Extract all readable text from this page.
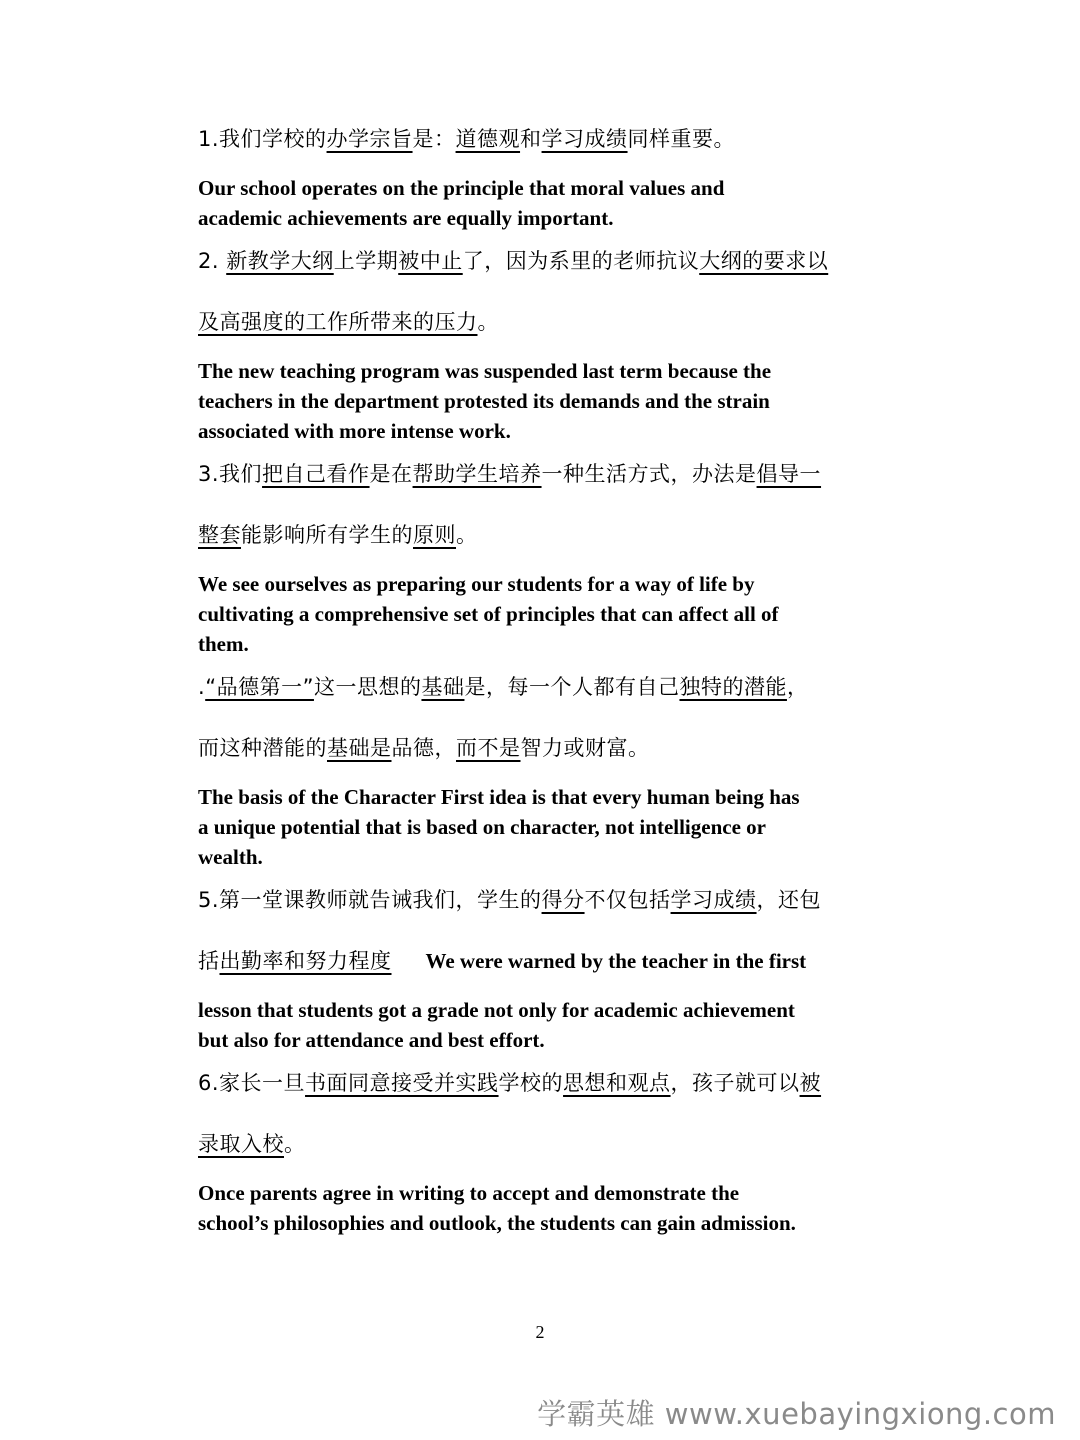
1.我们学校的办学宗旨是：道德观和学习成绩同样重要。
Our school operates on the principle that moral values and
academic achievements are equally important.
2. 新教学大纲上学期被中止了，因为系里的老师抗议大纲的要求以
及高强度的工作所带来的压力。
The new teaching program was suspended last term because the
teachers in the department protested its demands and the strain
associated with more intense work.
3.我们把自己看作是在帮助学生培养一种生活方式，办法是倡导一
整套能影响所有学生的原则。
We see ourselves as preparing our students for a way of life by
cultivating a comprehensive set of principles that can affect all of
them.
.“品德第一”这一思想的基础是，每一个人都有自己独特的潜能，
而这种潜能的基础是品德，而不是智力或财富。
The basis of the Character First idea is that every human being has
a unique potential that is based on character, not intelligence or
wealth.
5.第一堂课教师就告诫我们，学生的得分不仅包括学习成绩，还包
括出勤率和努力程度 We were warned by the teacher in the first
lesson that students got a grade not only for academic achievement
but also for attendance and best effort.
6.家长一旦书面同意接受并实践学校的思想和观点，孩子就可以被
录取入校。
Once parents agree in writing to accept and demonstrate the
school’s philosophies and outlook, the students can gain admission.
2
学霸英雄 www.xuebayingxiong.com
